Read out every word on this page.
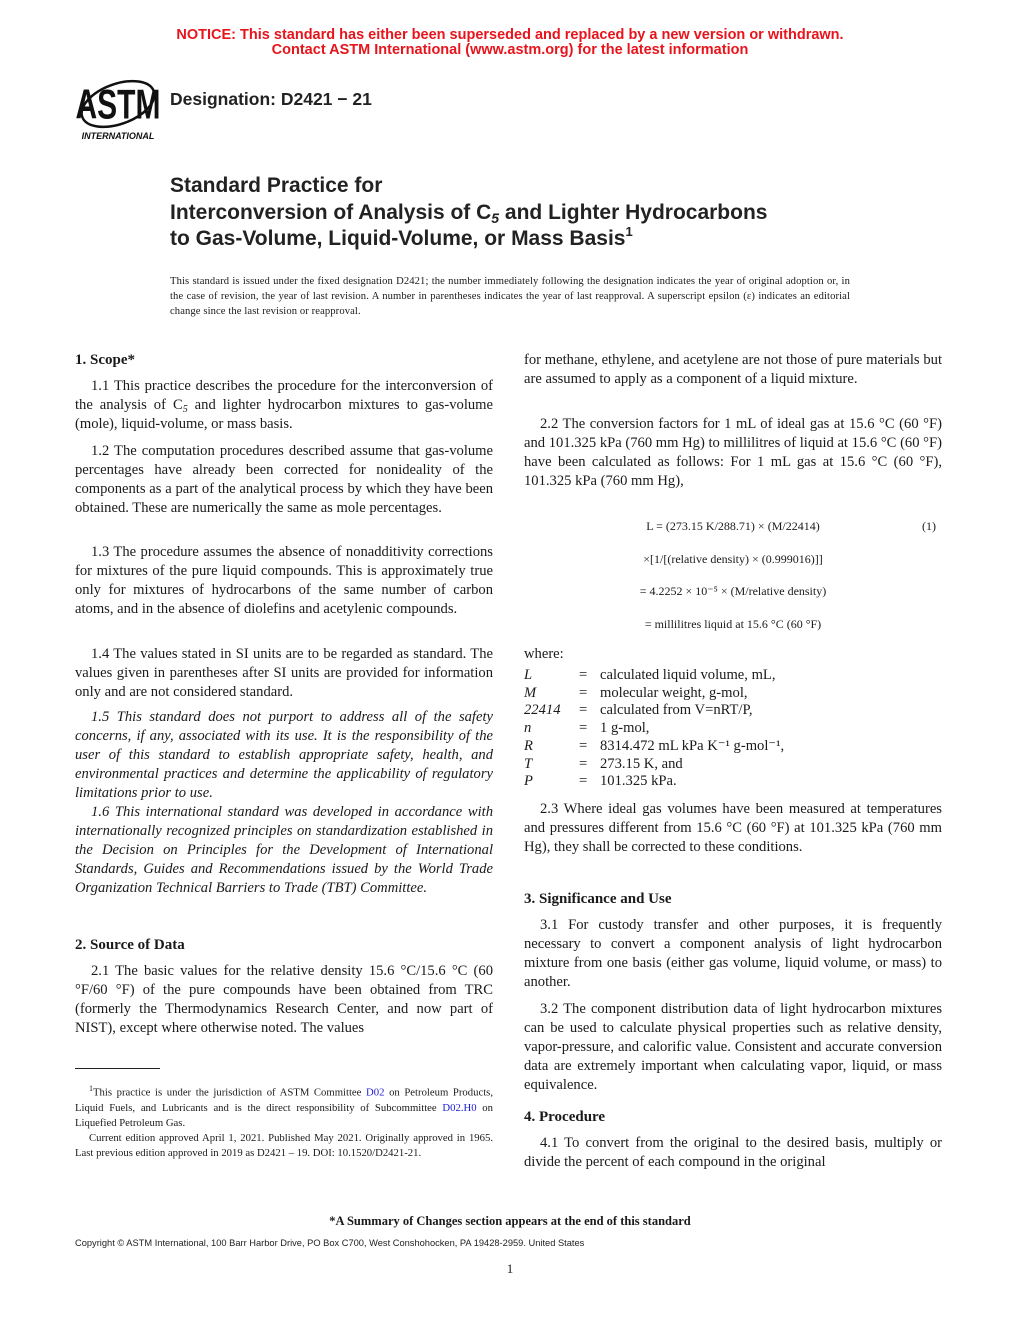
NOTICE: This standard has either been superseded and replaced by a new version or withdrawn.
Contact ASTM International (www.astm.org) for the latest information
ASTM
INTERNATIONAL
Designation: D2421 − 21
Standard Practice for
Interconversion of Analysis of $C_5$ and Lighter Hydrocarbons
to Gas-Volume, Liquid-Volume, or Mass Basis$^1$
This standard is issued under the fixed designation D2421; the number immediately following the designation indicates the year of original adoption or, in the case of revision, the year of last revision. A number in parentheses indicates the year of last reapproval. A superscript epsilon (ε) indicates an editorial change since the last revision or reapproval.
1. Scope*

1.1 This practice describes the procedure for the interconversion of the analysis of $C_5$ and lighter hydrocarbon mixtures to gas-volume (mole), liquid-volume, or mass basis.

1.2 The computation procedures described assume that gas-volume percentages have already been corrected for nonideality of the components as a part of the analytical process by which they have been obtained. These are numerically the same as mole percentages.

1.3 The procedure assumes the absence of nonadditivity corrections for mixtures of the pure liquid compounds. This is approximately true only for mixtures of hydrocarbons of the same number of carbon atoms, and in the absence of diolefins and acetylenic compounds.

1.4 The values stated in SI units are to be regarded as standard. The values given in parentheses after SI units are provided for information only and are not considered standard.

1.5 This standard does not purport to address all of the safety concerns, if any, associated with its use. It is the responsibility of the user of this standard to establish appropriate safety, health, and environmental practices and determine the applicability of regulatory limitations prior to use.

1.6 This international standard was developed in accordance with internationally recognized principles on standardization established in the Decision on Principles for the Development of International Standards, Guides and Recommendations issued by the World Trade Organization Technical Barriers to Trade (TBT) Committee.

2. Source of Data

2.1 The basic values for the relative density 15.6 °C/15.6 °C (60 °F/60 °F) of the pure compounds have been obtained from TRC (formerly the Thermodynamics Research Center, and now part of NIST), except where otherwise noted. The values

$^1$This practice is under the jurisdiction of ASTM Committee D02 on Petroleum Products, Liquid Fuels, and Lubricants and is the direct responsibility of Subcommittee D02.H0 on Liquefied Petroleum Gas.

Current edition approved April 1, 2021. Published May 2021. Originally approved in 1965. Last previous edition approved in 2019 as D2421 – 19. DOI: 10.1520/D2421-21.

for methane, ethylene, and acetylene are not those of pure materials but are assumed to apply as a component of a liquid mixture.

2.2 The conversion factors for 1 mL of ideal gas at 15.6 °C (60 °F) and 101.325 kPa (760 mm Hg) to millilitres of liquid at 15.6 °C (60 °F) have been calculated as follows: For 1 mL gas at 15.6 °C (60 °F), 101.325 kPa (760 mm Hg),

L = (273.15 K/288.71) × (M/22414)	(1)
×[1/[(relative density) × (0.999016)]]
= 4.2252 × 10⁻⁵ × (M/relative density)
= millilitres liquid at 15.6 °C (60 °F)
where:
L	=	calculated liquid volume, mL,
M	=	molecular weight, g-mol,
22414	=	calculated from V=nRT/P,
n	=	1 g-mol,
R	=	8314.472 mL kPa K⁻¹ g-mol⁻¹,
T	=	273.15 K, and
P	=	101.325 kPa.

2.3 Where ideal gas volumes have been measured at temperatures and pressures different from 15.6 °C (60 °F) at 101.325 kPa (760 mm Hg), they shall be corrected to these conditions.

3. Significance and Use

3.1 For custody transfer and other purposes, it is frequently necessary to convert a component analysis of light hydrocarbon mixture from one basis (either gas volume, liquid volume, or mass) to another.

3.2 The component distribution data of light hydrocarbon mixtures can be used to calculate physical properties such as relative density, vapor-pressure, and calorific value. Consistent and accurate conversion data are extremely important when calculating vapor, liquid, or mass equivalence.

4. Procedure

4.1 To convert from the original to the desired basis, multiply or divide the percent of each compound in the original

*A Summary of Changes section appears at the end of this standard
Copyright © ASTM International, 100 Barr Harbor Drive, PO Box C700, West Conshohocken, PA 19428-2959. United States
1
